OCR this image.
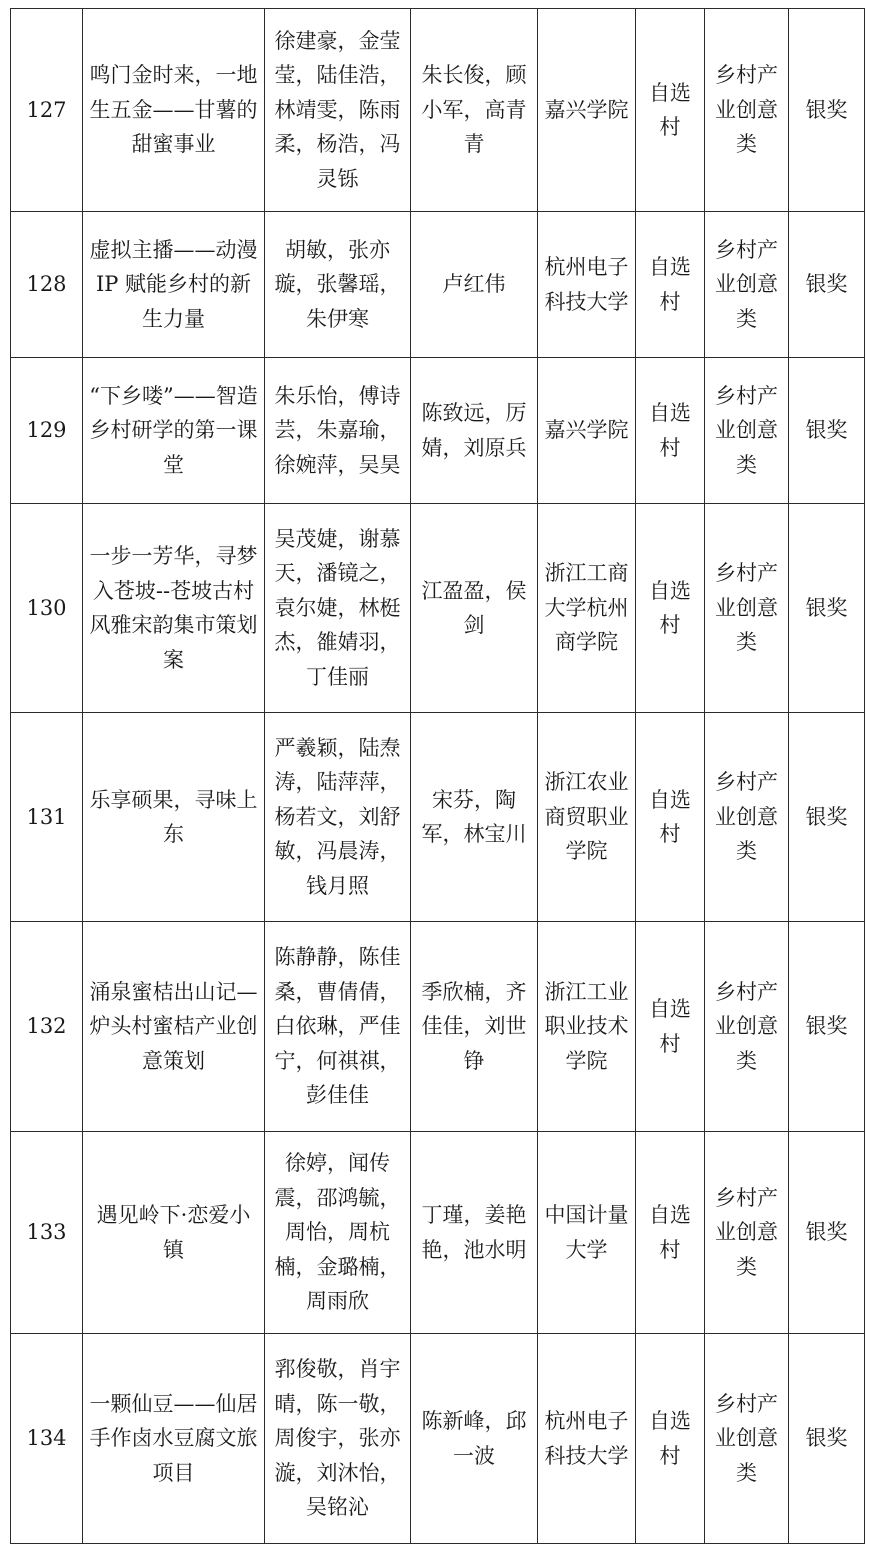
127	鸣门金时来，一地生五金——甘薯的甜蜜事业	徐建豪，金莹莹，陆佳浩，林靖雯，陈雨柔，杨浩，冯灵铄	朱长俊，顾小军，高青青	嘉兴学院	自选村	乡村产业创意类	银奖
128	虚拟主播——动漫 IP 赋能乡村的新生力量	胡敏，张亦璇，张馨瑶，朱伊寒	卢红伟	杭州电子科技大学	自选村	乡村产业创意类	银奖
129	“下乡喽”——智造乡村研学的第一课堂	朱乐怡，傅诗芸，朱嘉瑜，徐婉萍，吴昊	陈致远，厉婧，刘原兵	嘉兴学院	自选村	乡村产业创意类	银奖
130	一步一芳华，寻梦入苍坡--苍坡古村风雅宋韵集市策划案	吴茂婕，谢慕天，潘镜之，袁尔婕，林梃杰，雒婧羽，丁佳丽	江盈盈，侯剑	浙江工商大学杭州商学院	自选村	乡村产业创意类	银奖
131	乐享硕果，寻味上东	严羲颖，陆焘涛，陆萍萍，杨若文，刘舒敏，冯晨涛，钱月照	宋芬，陶军，林宝川	浙江农业商贸职业学院	自选村	乡村产业创意类	银奖
132	涌泉蜜桔出山记—炉头村蜜桔产业创意策划	陈静静，陈佳桑，曹倩倩，白依琳，严佳宁，何祺祺，彭佳佳	季欣楠，齐佳佳，刘世铮	浙江工业职业技术学院	自选村	乡村产业创意类	银奖
133	遇见岭下·恋爱小镇	徐婷，闻传震，邵鸿毓，周怡，周杭楠，金璐楠，周雨欣	丁瑾，姜艳艳，池水明	中国计量大学	自选村	乡村产业创意类	银奖
134	一颗仙豆——仙居手作卤水豆腐文旅项目	郛俊敬，肖宇晴，陈一敬，周俊宇，张亦漩，刘沐怡，吴铭沁	陈新峰，邱一波	杭州电子科技大学	自选村	乡村产业创意类	银奖
